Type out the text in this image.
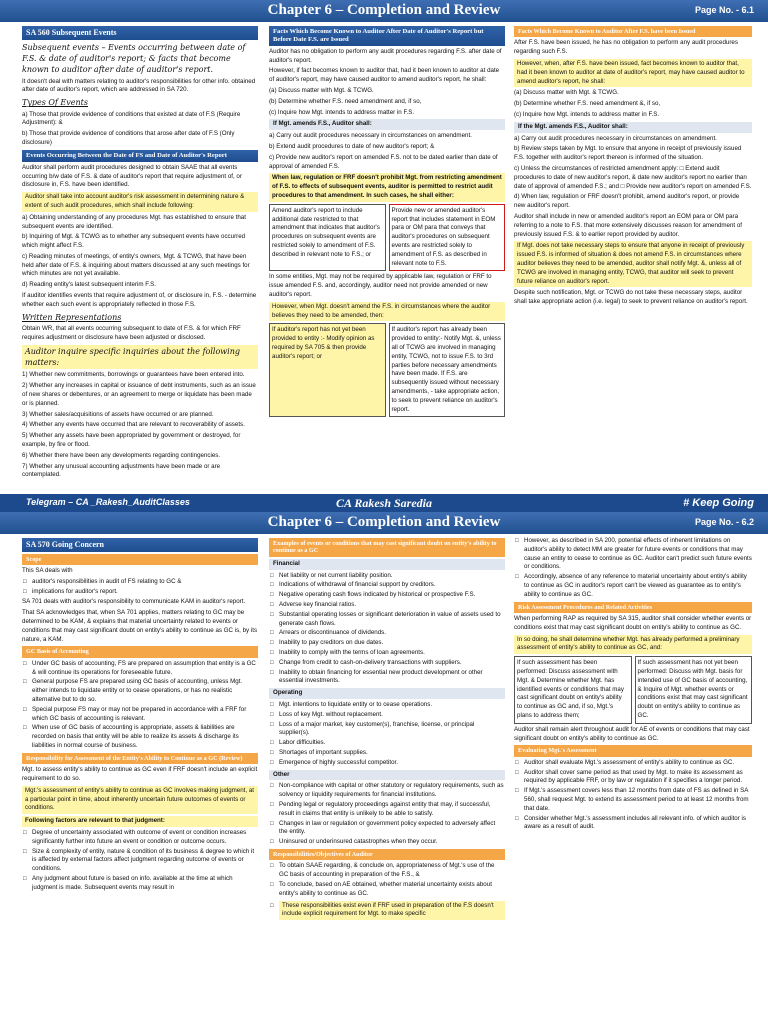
Chapter 6 – Completion and Review	Page No. - 6.1
SA 560 Subsequent Events

Subsequent events – Events occurring between date of F.S. & date of auditor's report; & facts that become known to auditor after date of auditor's report.

It doesn't deal with matters relating to auditor's responsibilities for other info. obtained after date of auditor's report, which are addressed in SA 720.

Types Of Events

a) Those that provide evidence of conditions that existed at date of F.S (Require Adjustment): &

b) Those that provide evidence of conditions that arose after date of F.S (Only disclosure)

Events Occurring Between the Date of FS and Date of Auditor's Report

Auditor shall perform audit procedures designed to obtain SAAE that all events occurring b/w date of F.S. & date of auditor's report that require adjustment of, or disclosure in, F.S. have been identified.

Auditor shall take into account auditor's risk assessment in determining nature & extent of such audit procedures, which shall include following:

a) Obtaining understanding of any procedures Mgt. has established to ensure that subsequent events are identified.

b) Inquiring of Mgt. & TCWG as to whether any subsequent events have occurred which might affect F.S.

c) Reading minutes of meetings, of entity's owners, Mgt. & TCWG, that have been held after date of F.S. & inquiring about matters discussed at any such meetings for which minutes are not yet available.

d) Reading entity's latest subsequent interim F.S.

If auditor identifies events that require adjustment of, or disclosure in, F.S. - determine whether each such event is appropriately reflected in those F.S.

Written Representations

Obtain WR, that all events occurring subsequent to date of F.S. & for which FRF requires adjustment or disclosure have been adjusted or disclosed.

Auditor inquire specific inquiries about the following matters:

1) Whether new commitments, borrowings or guarantees have been entered into.

2) Whether any increases in capital or issuance of debt instruments, such as an issue of new shares or debentures, or an agreement to merge or liquidate has been made or is planned.

3) Whether sales/acquisitions of assets have occurred or are planned.

4) Whether any events have occurred that are relevant to recoverability of assets.

5) Whether any assets have been appropriated by government or destroyed, for example, by fire or flood.

6) Whether there have been any developments regarding contingencies.

7) Whether any unusual accounting adjustments have been made or are contemplated.

Facts Which Become Known to Auditor After Date of Auditor's Report but Before Date F.S. are Issued

Auditor has no obligation to perform any audit procedures regarding F.S. after date of auditor's report.

However, if fact becomes known to auditor that, had it been known to auditor at date of auditor's report, may have caused auditor to amend auditor's report, he shall:

(a) Discuss matter with Mgt. & TCWG.

(b) Determine whether F.S. need amendment and, if so,

(c) Inquire how Mgt. intends to address matter in F.S.

If Mgt. amends F.S., Auditor shall:

a) Carry out audit procedures necessary in circumstances on amendment.

b) Extend audit procedures to date of new auditor's report; &

c) Provide new auditor's report on amended F.S. not to be dated earlier than date of approval of amended F.S.

When law, regulation or FRF doesn't prohibit Mgt. from restricting amendment of F.S. to effects of subsequent events, auditor is permitted to restrict audit procedures to that amendment. In such cases, he shall either:

Amend auditor's report to include additional date restricted to that amendment that indicates that auditor's procedures on subsequent events are restricted solely to amendment of F.S. described in relevant note to F.S.; or
Provide new or amended auditor's report that includes statement in EOM para or OM para that conveys that auditor's procedures on subsequent events are restricted solely to amendment of F.S. as described in relevant note to F.S.

In some entities, Mgt. may not be required by applicable law, regulation or FRF to issue amended F.S. and, accordingly, auditor need not provide amended or new auditor's report.

However, when Mgt. doesn't amend the F.S. in circumstances where the auditor believes they need to be amended, then:

If auditor's report has not yet been provided to entity :- Modify opinion as required by SA 705 & then provide auditor's report; or
If auditor's report has already been provided to entity:- Notify Mgt. &, unless all of TCWG are involved in managing entity, TCWG, not to issue F.S. to 3rd parties before necessary amendments have been made. If F.S. are subsequently issued without necessary amendments, - take appropriate action, to seek to prevent reliance on auditor's report.
Facts Which Become Known to Auditor After F.S. have been Issued

After F.S. have been issued, he has no obligation to perform any audit procedures regarding such F.S.

However, when, after F.S. have been issued, fact becomes known to auditor that, had it been known to auditor at date of auditor's report, may have caused auditor to amend auditor's report, he shall:

(a) Discuss matter with Mgt. & TCWG.

(b) Determine whether F.S. need amendment &, if so,

(c) Inquire how Mgt. intends to address matter in F.S.

If the Mgt. amends F.S., Auditor shall:

a) Carry out audit procedures necessary in circumstances on amendment.

b) Review steps taken by Mgt. to ensure that anyone in receipt of previously issued F.S. together with auditor's report thereon is informed of the situation.

c) Unless the circumstances of restricted amendment apply: □ Extend audit procedures to date of new auditor's report, & date new auditor's report no earlier than date of approval of amended F.S.; and □ Provide new auditor's report on amended F.S.

d) When law, regulation or FRF doesn't prohibit, amend auditor's report, or provide new auditor's report.

Auditor shall include in new or amended auditor's report an EOM para or OM para referring to a note to F.S. that more extensively discusses reason for amendment of previously issued F.S. & to earlier report provided by auditor.

If Mgt. does not take necessary steps to ensure that anyone in receipt of previously issued F.S. is informed of situation & does not amend F.S. in circumstances where auditor believes they need to be amended, auditor shall notify Mgt. &, unless all of TCWG are involved in managing entity, TCWG, that auditor will seek to prevent future reliance on auditor's report.

Despite such notification, Mgt. or TCWG do not take these necessary steps, auditor shall take appropriate action (i.e. legal) to seek to prevent reliance on auditor's report.

Telegram – CA _Rakesh_AuditClasses	CA Rakesh Saredia	# Keep Going
Chapter 6 – Completion and Review	Page No. - 6.2
SA 570 Going Concern
Scope

This SA deals with

□ auditor's responsibilities in audit of FS relating to GC &
□ implications for auditor's report.

SA 701 deals with auditor's responsibility to communicate KAM in auditor's report.

That SA acknowledges that, when SA 701 applies, matters relating to GC may be determined to be KAM, & explains that material uncertainty related to events or conditions that may cast significant doubt on entity's ability to continue as GC is, by its nature, a KAM.

GC Basis of Accounting
□ Under GC basis of accounting, FS are prepared on assumption that entity is a GC & will continue its operations for foreseeable future.
□ General purpose FS are prepared using GC basis of accounting, unless Mgt. either intends to liquidate entity or to cease operations, or has no realistic alternative but to do so.
□ Special purpose FS may or may not be prepared in accordance with a FRF for which GC basis of accounting is relevant.
□ When use of GC basis of accounting is appropriate, assets & liabilities are recorded on basis that entity will be able to realize its assets & discharge its liabilities in normal course of business.
Responsibility for Assessment of the Entity's Ability to Continue as a GC (Review)

Mgt. to assess entity's ability to continue as GC even if FRF doesn't include an explicit requirement to do so.

Mgt.'s assessment of entity's ability to continue as GC involves making judgment, at a particular point in time, about inherently uncertain future outcomes of events or conditions.

Following factors are relevant to that judgment:

□ Degree of uncertainty associated with outcome of event or condition increases significantly further into future an event or condition or outcome occurs.
□ Size & complexity of entity, nature & condition of its business & degree to which it is affected by external factors affect judgment regarding outcome of events or conditions.
□ Any judgment about future is based on info. available at the time at which judgment is made. Subsequent events may result in
Examples of events or conditions that may cast significant doubt on entity's ability to continue as a GC
Financial
□ Net liability or net current liability position.
□ Indications of withdrawal of financial support by creditors.
□ Negative operating cash flows indicated by historical or prospective F.S.
□ Adverse key financial ratios.
□ Substantial operating losses or significant deterioration in value of assets used to generate cash flows.
□ Arrears or discontinuance of dividends.
□ Inability to pay creditors on due dates.
□ Inability to comply with the terms of loan agreements.
□ Change from credit to cash-on-delivery transactions with suppliers.
□ Inability to obtain financing for essential new product development or other essential investments.
Operating
□ Mgt. intentions to liquidate entity or to cease operations.
□ Loss of key Mgt. without replacement.
□ Loss of a major market, key customer(s), franchise, license, or principal supplier(s).
□ Labor difficulties.
□ Shortages of important supplies.
□ Emergence of highly successful competitor.
Other
□ Non-compliance with capital or other statutory or regulatory requirements, such as solvency or liquidity requirements for financial institutions.
□ Pending legal or regulatory proceedings against entity that may, if successful, result in claims that entity is unlikely to be able to satisfy.
□ Changes in law or regulation or government policy expected to adversely affect the entity.
□ Uninsured or underinsured catastrophes when they occur.
Responsibilities/Objectives of Auditor
□ To obtain SAAE regarding, & conclude on, appropriateness of Mgt.'s use of the GC basis of accounting in preparation of the F.S., &
□ To conclude, based on AE obtained, whether material uncertainty exists about entity's ability to continue as GC.
□ These responsibilities exist even if FRF used in preparation of the F.S doesn't include explicit requirement for Mgt. to make specific
□ However, as described in SA 200, potential effects of inherent limitations on auditor's ability to detect MM are greater for future events or conditions that may cause an entity to cease to continue as GC. Auditor can't predict such future events or conditions.
□ Accordingly, absence of any reference to material uncertainty about entity's ability to continue as GC in auditor's report can't be viewed as guarantee as to entity's ability to continue as GC.
Risk Assessment Procedures and Related Activities

When performing RAP as required by SA 315, auditor shall consider whether events or conditions exist that may cast significant doubt on entity's ability to continue as GC.

In so doing, he shall determine whether Mgt. has already performed a preliminary assessment of entity's ability to continue as GC, and:

If such assessment has been performed: Discuss assessment with Mgt. & Determine whether Mgt. has identified events or conditions that may cast significant doubt on entity's ability to continue as GC and, if so, Mgt.'s plans to address them;
If such assessment has not yet been performed: Discuss with Mgt. basis for intended use of GC basis of accounting, & Inquire of Mgt. whether events or conditions exist that may cast significant doubt on entity's ability to continue as GC.

Auditor shall remain alert throughout audit for AE of events or conditions that may cast significant doubt on entity's ability to continue as GC.

Evaluating Mgt.'s Assessment
□ Auditor shall evaluate Mgt.'s assessment of entity's ability to continue as GC.
□ Auditor shall cover same period as that used by Mgt. to make its assessment as required by applicable FRF, or by law or regulation if it specifies a longer period.
□ If Mgt.'s assessment covers less than 12 months from date of FS as defined in SA 560, shall request Mgt. to extend its assessment period to at least 12 months from that date.
□ Consider whether Mgt.'s assessment includes all relevant info. of which auditor is aware as a result of audit.
